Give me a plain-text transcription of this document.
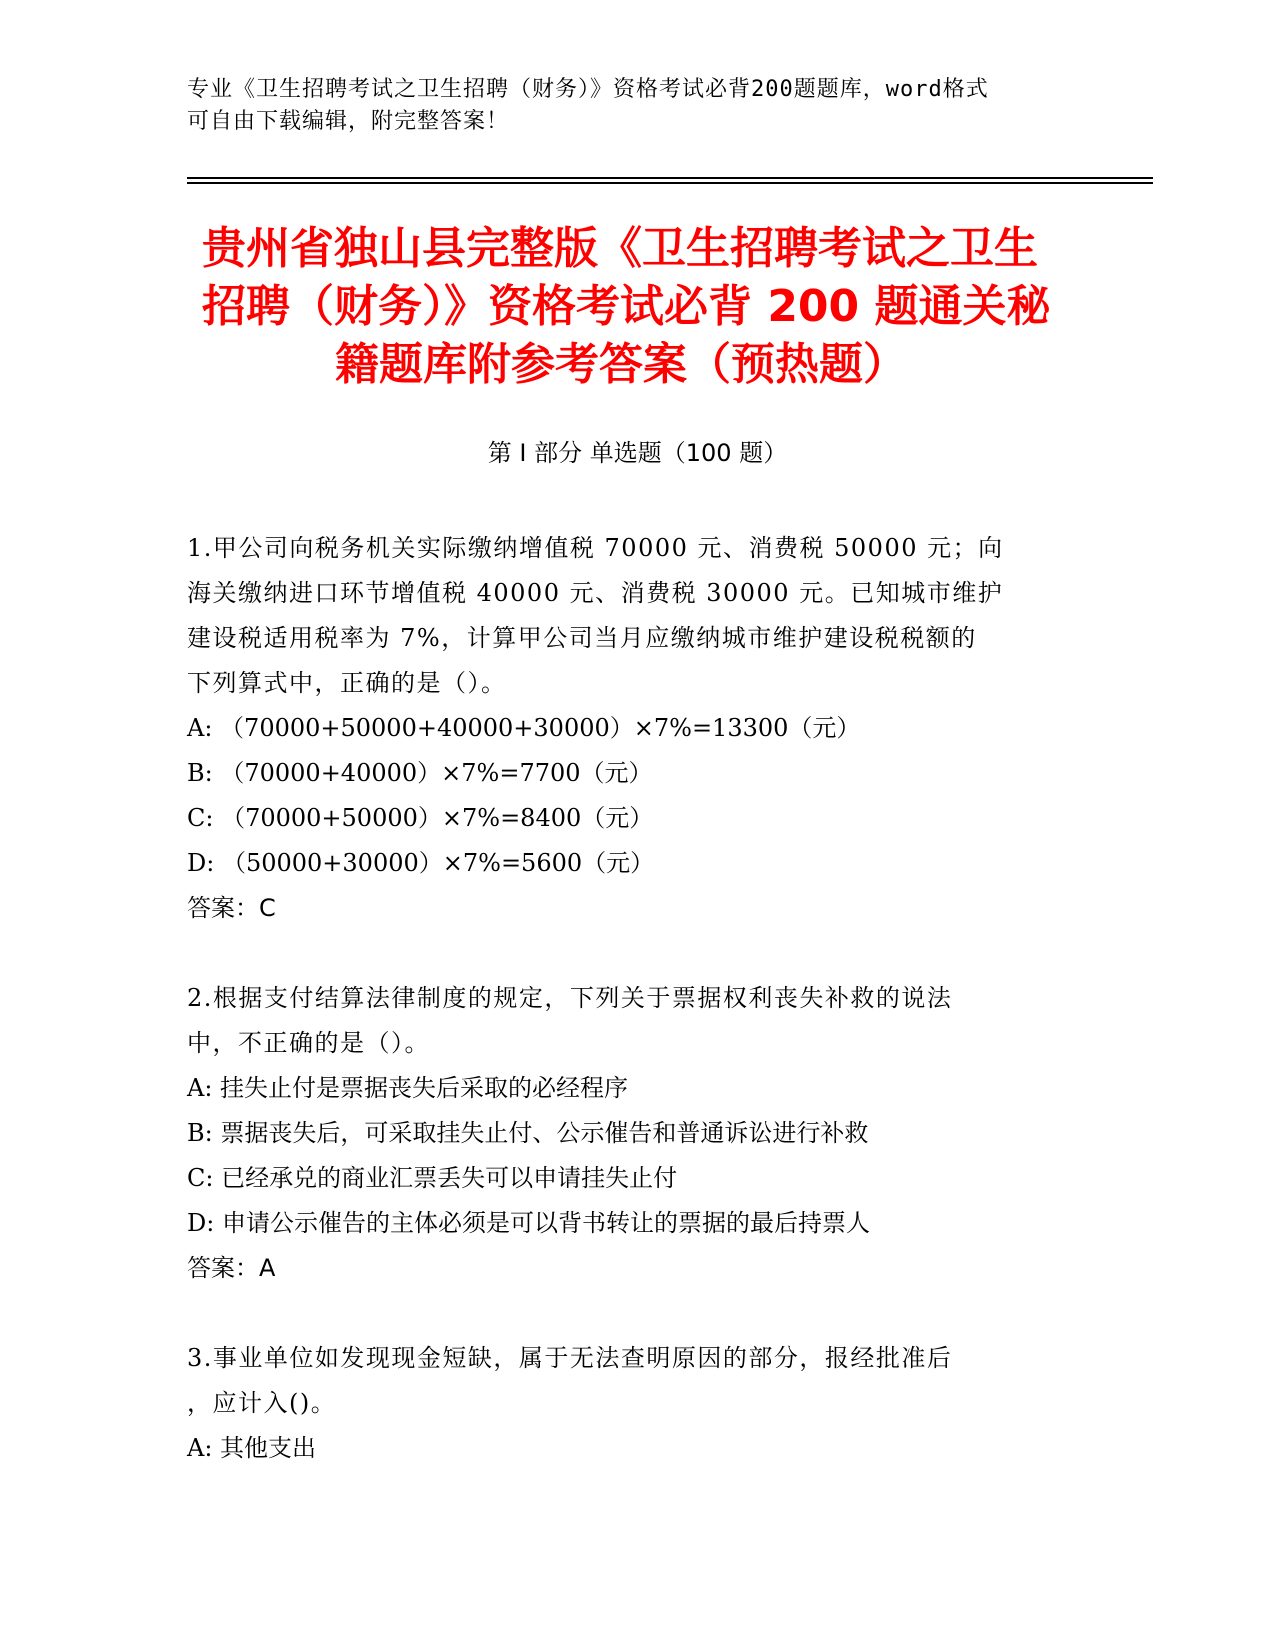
专业《卫生招聘考试之卫生招聘（财务）》资格考试必背200题题库，word格式
可自由下载编辑，附完整答案！
贵州省独山县完整版《卫生招聘考试之卫生
招聘（财务）》资格考试必背 200 题通关秘
籍题库附参考答案（预热题）
第 I 部分 单选题（100 题）
1.甲公司向税务机关实际缴纳增值税 70000 元、消费税 50000 元；向
海关缴纳进口环节增值税 40000 元、消费税 30000 元。已知城市维护
建设税适用税率为 7%，计算甲公司当月应缴纳城市维护建设税税额的
下列算式中，正确的是（）。
A: （70000+50000+40000+30000）×7%=13300（元）
B: （70000+40000）×7%=7700（元）
C: （70000+50000）×7%=8400（元）
D: （50000+30000）×7%=5600（元）
答案：C
2.根据支付结算法律制度的规定，下列关于票据权利丧失补救的说法
中，不正确的是（）。
A: 挂失止付是票据丧失后采取的必经程序
B: 票据丧失后，可采取挂失止付、公示催告和普通诉讼进行补救
C: 已经承兑的商业汇票丢失可以申请挂失止付
D: 申请公示催告的主体必须是可以背书转让的票据的最后持票人
答案：A
3.事业单位如发现现金短缺，属于无法查明原因的部分，报经批准后
，应计入()。
A: 其他支出
